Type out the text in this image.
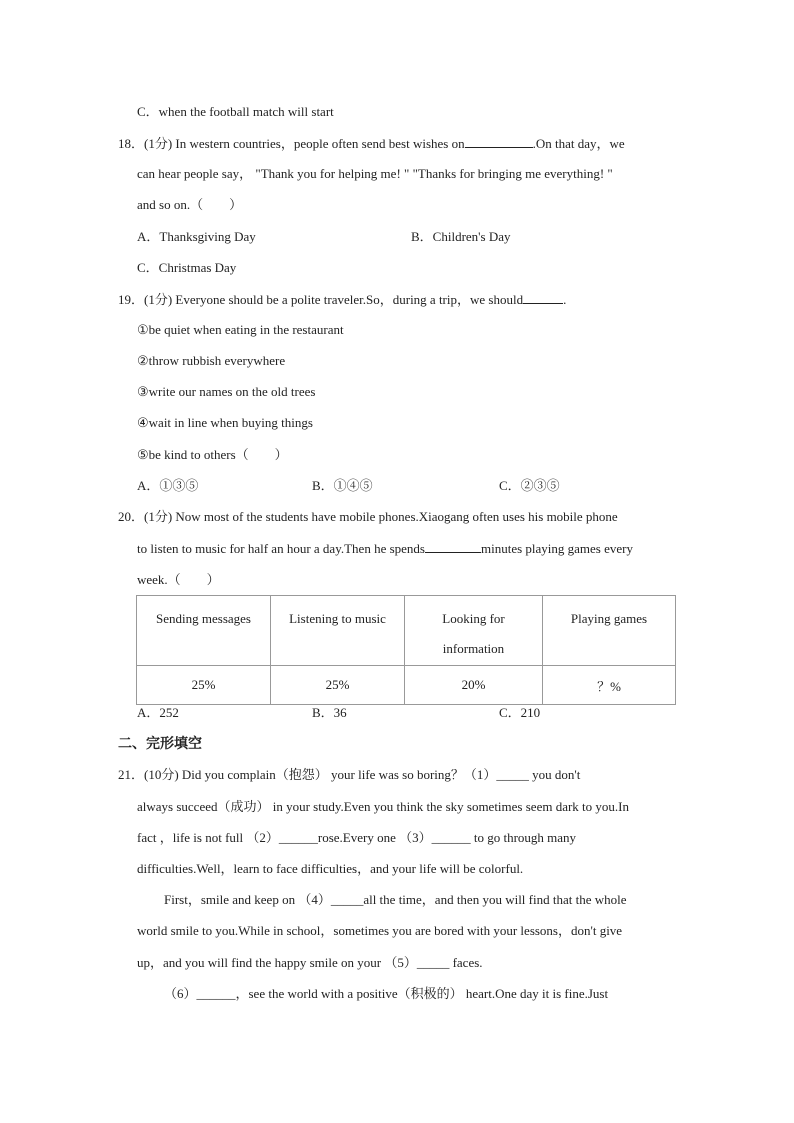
C．when the football match will start
18．(1分) In western countries，people often send best wishes on	.On that day，we
can hear people say， "Thank you for helping me! " "Thanks for bringing me everything! "
and so on.（　　）
A．Thanksgiving Day	B．Children's Day
C．Christmas Day
19．(1分) Everyone should be a polite traveler.So，during a trip，we should	.
①be quiet when eating in the restaurant
②throw rubbish everywhere
③write our names on the old trees
④wait in line when buying things
⑤be kind to others（　　）
A．①③⑤	B．①④⑤	C．②③⑤
20．(1分) Now most of the students have mobile phones.Xiaogang often uses his mobile phone
to listen to music for half an hour a day.Then he spends	minutes playing games every
week.（　　）
Sending messages	Listening to music	Looking for information	Playing games
25%	25%	20%	？%
A．252	B．36	C．210
二、完形填空
21．(10分) Did you complain（抱怨） your life was so boring？（1）_____ you don't
always succeed（成功） in your study.Even you think the sky sometimes seem dark to you.In
fact ，life is not full （2）______rose.Every one （3）______ to go through many
difficulties.Well，learn to face difficulties，and your life will be colorful.
First，smile and keep on （4）_____all the time，and then you will find that the whole
world smile to you.While in school，sometimes you are bored with your lessons，don't give
up，and you will find the happy smile on your （5）_____ faces.
（6）______，see the world with a positive（积极的） heart.One day it is fine.Just
